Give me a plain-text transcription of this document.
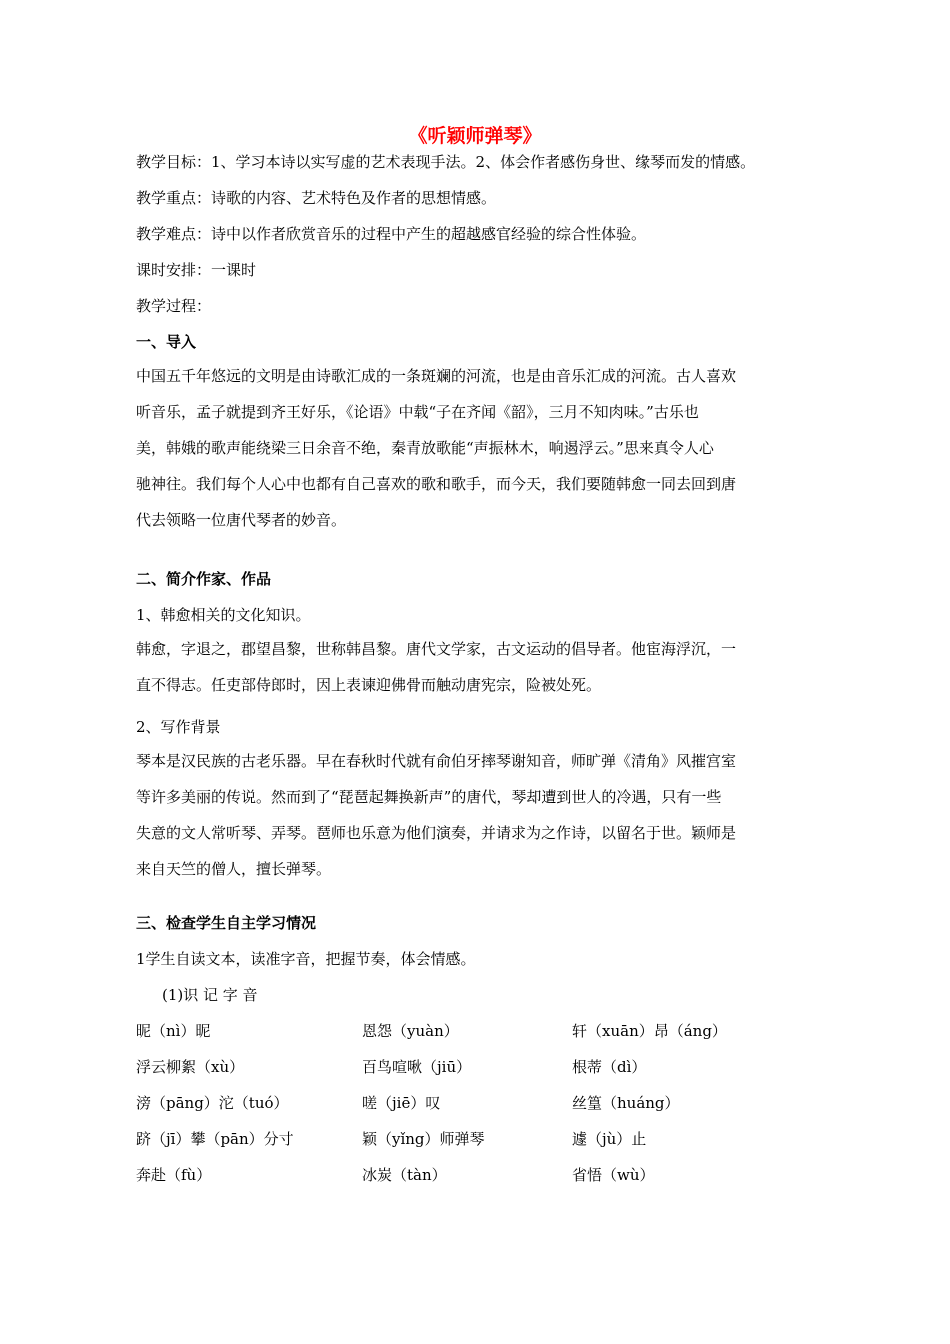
《听颖师弹琴》
教学目标：1、学习本诗以实写虚的艺术表现手法。2、体会作者感伤身世、缘琴而发的情感。
教学重点：诗歌的内容、艺术特色及作者的思想情感。
教学难点：诗中以作者欣赏音乐的过程中产生的超越感官经验的综合性体验。
课时安排：一课时
教学过程：
一、导入
中国五千年悠远的文明是由诗歌汇成的一条斑斓的河流，也是由音乐汇成的河流。古人喜欢
听音乐，孟子就提到齐王好乐，《论语》中载“子在齐闻《韶》，三月不知肉味。”古乐也
美，韩娥的歌声能绕梁三日余音不绝，秦青放歌能“声振林木，响遏浮云。”思来真令人心
驰神往。我们每个人心中也都有自己喜欢的歌和歌手，而今天，我们要随韩愈一同去回到唐
代去领略一位唐代琴者的妙音。
二、简介作家、作品
1、韩愈相关的文化知识。
韩愈，字退之，郡望昌黎，世称韩昌黎。唐代文学家，古文运动的倡导者。他宦海浮沉，一
直不得志。任吏部侍郎时，因上表谏迎佛骨而触动唐宪宗，险被处死。
2、写作背景
琴本是汉民族的古老乐器。早在春秋时代就有俞伯牙摔琴谢知音，师旷弹《清角》风摧宫室
等许多美丽的传说。然而到了“琵琶起舞换新声”的唐代，琴却遭到世人的冷遇，只有一些
失意的文人常听琴、弄琴。琶师也乐意为他们演奏，并请求为之作诗，以留名于世。颖师是
来自天竺的僧人，擅长弹琴。
三、检查学生自主学习情况
1学生自读文本，读准字音，把握节奏，体会情感。
(1)识 记 字 音
昵（nì）昵	恩怨（yuàn）	轩（xuān）昂（áng）
浮云柳絮（xù）	百鸟喧啾（jiū）	根蒂（dì）
滂（pāng）沱（tuó）	嗟（jiē）叹	丝篁（huáng）
跻（jī）攀（pān）分寸	颖（yǐng）师弹琴	遽（jù）止
奔赴（fù）	冰炭（tàn）	省悟（wù）
